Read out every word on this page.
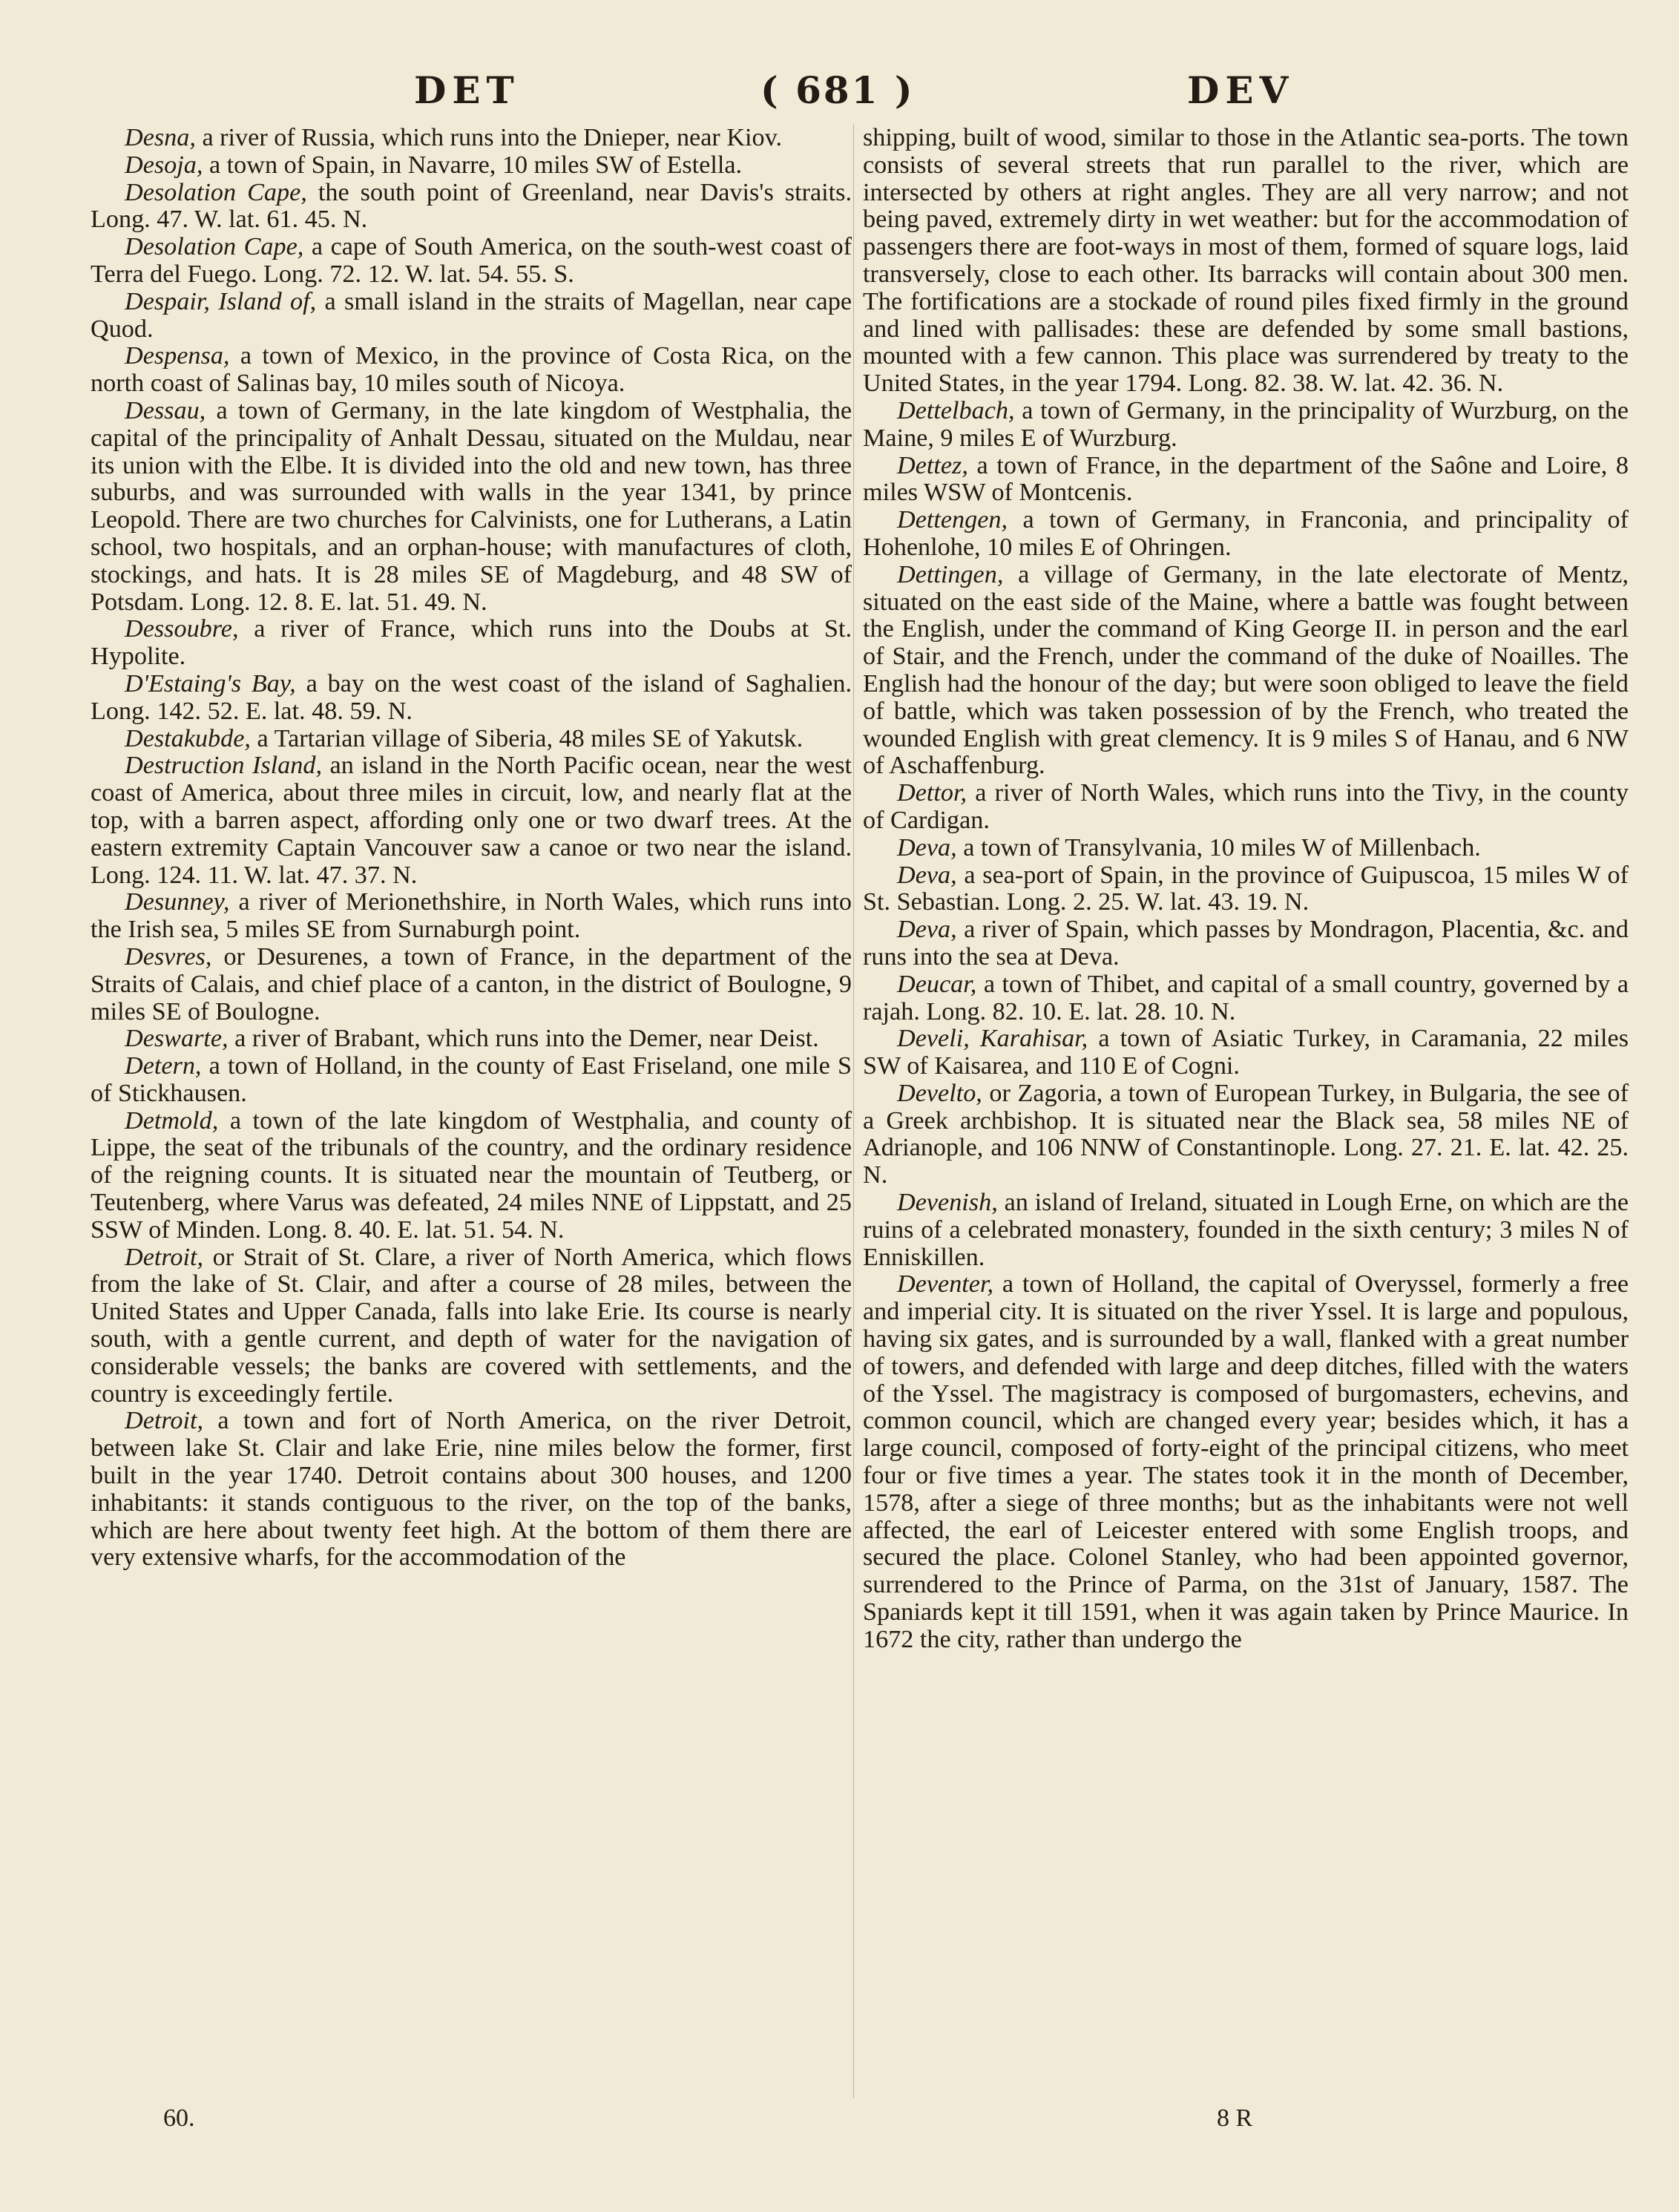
DET	( 681 )	DEV

Desna, a river of Russia, which runs into the Dnieper, near Kiov.

Desoja, a town of Spain, in Navarre, 10 miles SW of Estella.

Desolation Cape, the south point of Greenland, near Davis's straits. Long. 47. W. lat. 61. 45. N.

Desolation Cape, a cape of South America, on the south-west coast of Terra del Fuego. Long. 72. 12. W. lat. 54. 55. S.

Despair, Island of, a small island in the straits of Magellan, near cape Quod.

Despensa, a town of Mexico, in the province of Costa Rica, on the north coast of Salinas bay, 10 miles south of Nicoya.

Dessau, a town of Germany, in the late kingdom of Westphalia, the capital of the principality of Anhalt Dessau, situated on the Muldau, near its union with the Elbe. It is divided into the old and new town, has three suburbs, and was surrounded with walls in the year 1341, by prince Leopold. There are two churches for Calvinists, one for Lutherans, a Latin school, two hospitals, and an orphan-house; with manufactures of cloth, stockings, and hats. It is 28 miles SE of Magdeburg, and 48 SW of Potsdam. Long. 12. 8. E. lat. 51. 49. N.

Dessoubre, a river of France, which runs into the Doubs at St. Hypolite.

D'Estaing's Bay, a bay on the west coast of the island of Saghalien. Long. 142. 52. E. lat. 48. 59. N.

Destakubde, a Tartarian village of Siberia, 48 miles SE of Yakutsk.

Destruction Island, an island in the North Pacific ocean, near the west coast of America, about three miles in circuit, low, and nearly flat at the top, with a barren aspect, affording only one or two dwarf trees. At the eastern extremity Captain Vancouver saw a canoe or two near the island. Long. 124. 11. W. lat. 47. 37. N.

Desunney, a river of Merionethshire, in North Wales, which runs into the Irish sea, 5 miles SE from Surnaburgh point.

Desvres, or Desurenes, a town of France, in the department of the Straits of Calais, and chief place of a canton, in the district of Boulogne, 9 miles SE of Boulogne.

Deswarte, a river of Brabant, which runs into the Demer, near Deist.

Detern, a town of Holland, in the county of East Friseland, one mile S of Stickhausen.

Detmold, a town of the late kingdom of Westphalia, and county of Lippe, the seat of the tribunals of the country, and the ordinary residence of the reigning counts. It is situated near the mountain of Teutberg, or Teutenberg, where Varus was defeated, 24 miles NNE of Lippstatt, and 25 SSW of Minden. Long. 8. 40. E. lat. 51. 54. N.

Detroit, or Strait of St. Clare, a river of North America, which flows from the lake of St. Clair, and after a course of 28 miles, between the United States and Upper Canada, falls into lake Erie. Its course is nearly south, with a gentle current, and depth of water for the navigation of considerable vessels; the banks are covered with settlements, and the country is exceedingly fertile.

Detroit, a town and fort of North America, on the river Detroit, between lake St. Clair and lake Erie, nine miles below the former, first built in the year 1740. Detroit contains about 300 houses, and 1200 inhabitants: it stands contiguous to the river, on the top of the banks, which are here about twenty feet high. At the bottom of them there are very extensive wharfs, for the accommodation of the

shipping, built of wood, similar to those in the Atlantic sea-ports. The town consists of several streets that run parallel to the river, which are intersected by others at right angles. They are all very narrow; and not being paved, extremely dirty in wet weather: but for the accommodation of passengers there are foot-ways in most of them, formed of square logs, laid transversely, close to each other. Its barracks will contain about 300 men. The fortifications are a stockade of round piles fixed firmly in the ground and lined with pallisades: these are defended by some small bastions, mounted with a few cannon. This place was surrendered by treaty to the United States, in the year 1794. Long. 82. 38. W. lat. 42. 36. N.

Dettelbach, a town of Germany, in the principality of Wurzburg, on the Maine, 9 miles E of Wurzburg.

Dettez, a town of France, in the department of the Saône and Loire, 8 miles WSW of Montcenis.

Dettengen, a town of Germany, in Franconia, and principality of Hohenlohe, 10 miles E of Ohringen.

Dettingen, a village of Germany, in the late electorate of Mentz, situated on the east side of the Maine, where a battle was fought between the English, under the command of King George II. in person and the earl of Stair, and the French, under the command of the duke of Noailles. The English had the honour of the day; but were soon obliged to leave the field of battle, which was taken possession of by the French, who treated the wounded English with great clemency. It is 9 miles S of Hanau, and 6 NW of Aschaffenburg.

Dettor, a river of North Wales, which runs into the Tivy, in the county of Cardigan.

Deva, a town of Transylvania, 10 miles W of Millenbach.

Deva, a sea-port of Spain, in the province of Guipuscoa, 15 miles W of St. Sebastian. Long. 2. 25. W. lat. 43. 19. N.

Deva, a river of Spain, which passes by Mondragon, Placentia, &c. and runs into the sea at Deva.

Deucar, a town of Thibet, and capital of a small country, governed by a rajah. Long. 82. 10. E. lat. 28. 10. N.

Develi, Karahisar, a town of Asiatic Turkey, in Caramania, 22 miles SW of Kaisarea, and 110 E of Cogni.

Develto, or Zagoria, a town of European Turkey, in Bulgaria, the see of a Greek archbishop. It is situated near the Black sea, 58 miles NE of Adrianople, and 106 NNW of Constantinople. Long. 27. 21. E. lat. 42. 25. N.

Devenish, an island of Ireland, situated in Lough Erne, on which are the ruins of a celebrated monastery, founded in the sixth century; 3 miles N of Enniskillen.

Deventer, a town of Holland, the capital of Overyssel, formerly a free and imperial city. It is situated on the river Yssel. It is large and populous, having six gates, and is surrounded by a wall, flanked with a great number of towers, and defended with large and deep ditches, filled with the waters of the Yssel. The magistracy is composed of burgomasters, echevins, and common council, which are changed every year; besides which, it has a large council, composed of forty-eight of the principal citizens, who meet four or five times a year. The states took it in the month of December, 1578, after a siege of three months; but as the inhabitants were not well affected, the earl of Leicester entered with some English troops, and secured the place. Colonel Stanley, who had been appointed governor, surrendered to the Prince of Parma, on the 31st of January, 1587. The Spaniards kept it till 1591, when it was again taken by Prince Maurice. In 1672 the city, rather than undergo the

60.	8 R
